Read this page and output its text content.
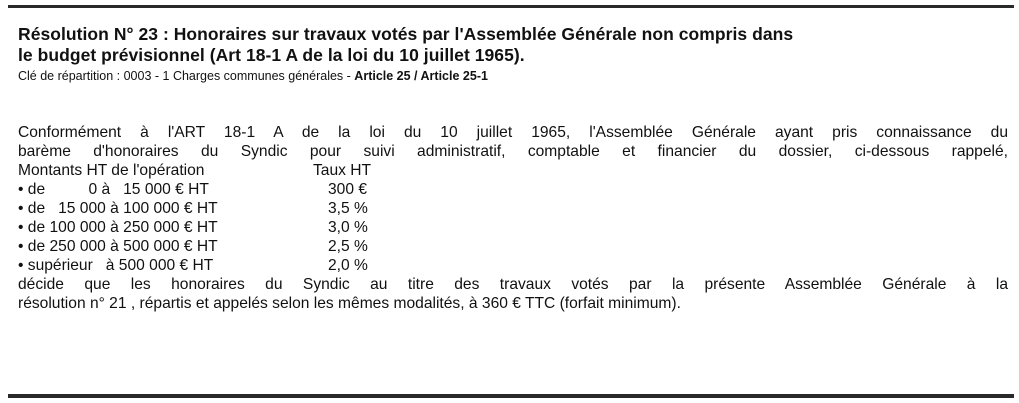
Résolution N° 23 : Honoraires sur travaux votés par l'Assemblée Générale non compris dans
le budget prévisionnel (Art 18-1 A de la loi du 10 juillet 1965).
Clé de répartition : 0003 - 1 Charges communes générales - Article 25 / Article 25-1
Conformément à l'ART 18-1 A de la loi du 10 juillet 1965, l'Assemblée Générale ayant pris connaissance du
barème d'honoraires du Syndic pour suivi administratif, comptable et financier du dossier, ci-dessous rappelé,
Montants HT de l'opération	Taux HT
• de          0 à   15 000 € HT	300 €
• de   15 000 à 100 000 € HT	3,5 %
• de 100 000 à 250 000 € HT	3,0 %
• de 250 000 à 500 000 € HT	2,5 %
• supérieur   à 500 000 € HT	2,0 %
décide que les honoraires du Syndic au titre des travaux votés par la présente Assemblée Générale à la
résolution n° 21 , répartis et appelés selon les mêmes modalités, à 360 € TTC (forfait minimum).
